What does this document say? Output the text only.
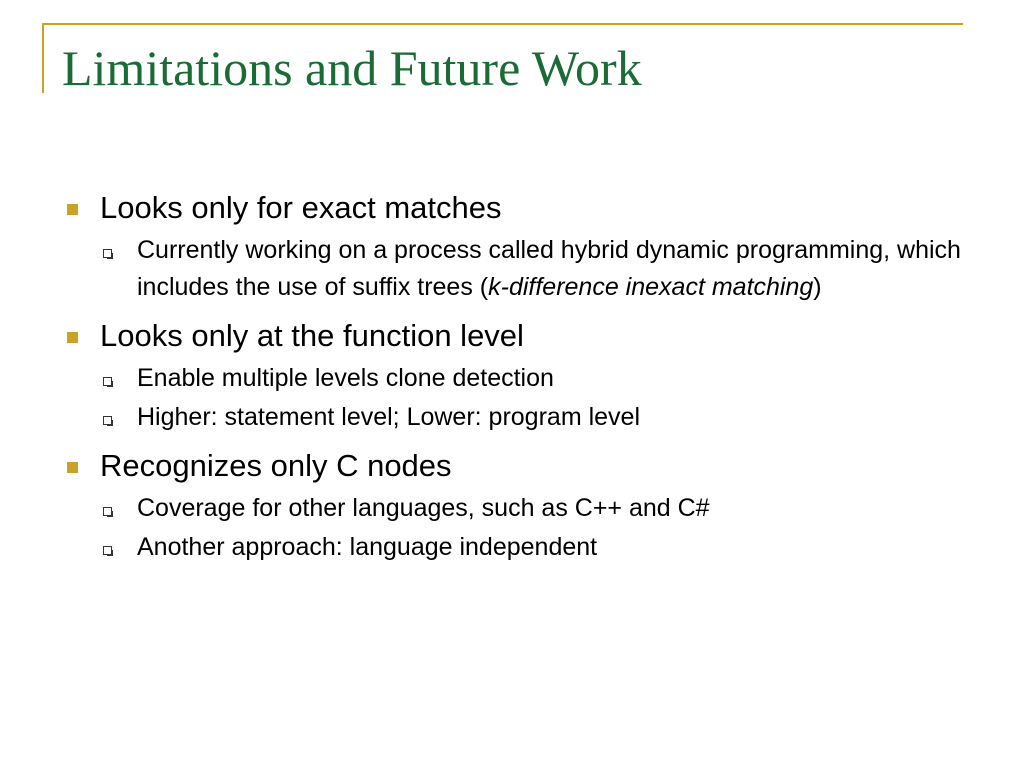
Limitations and Future Work

Looks only for exact matches

Currently working on a process called hybrid dynamic programming, which includes the use of suffix trees (k-difference inexact matching)

Looks only at the function level

Enable multiple levels clone detection

Higher: statement level; Lower: program level

Recognizes only C nodes

Coverage for other languages, such as C++ and C#

Another approach: language independent
